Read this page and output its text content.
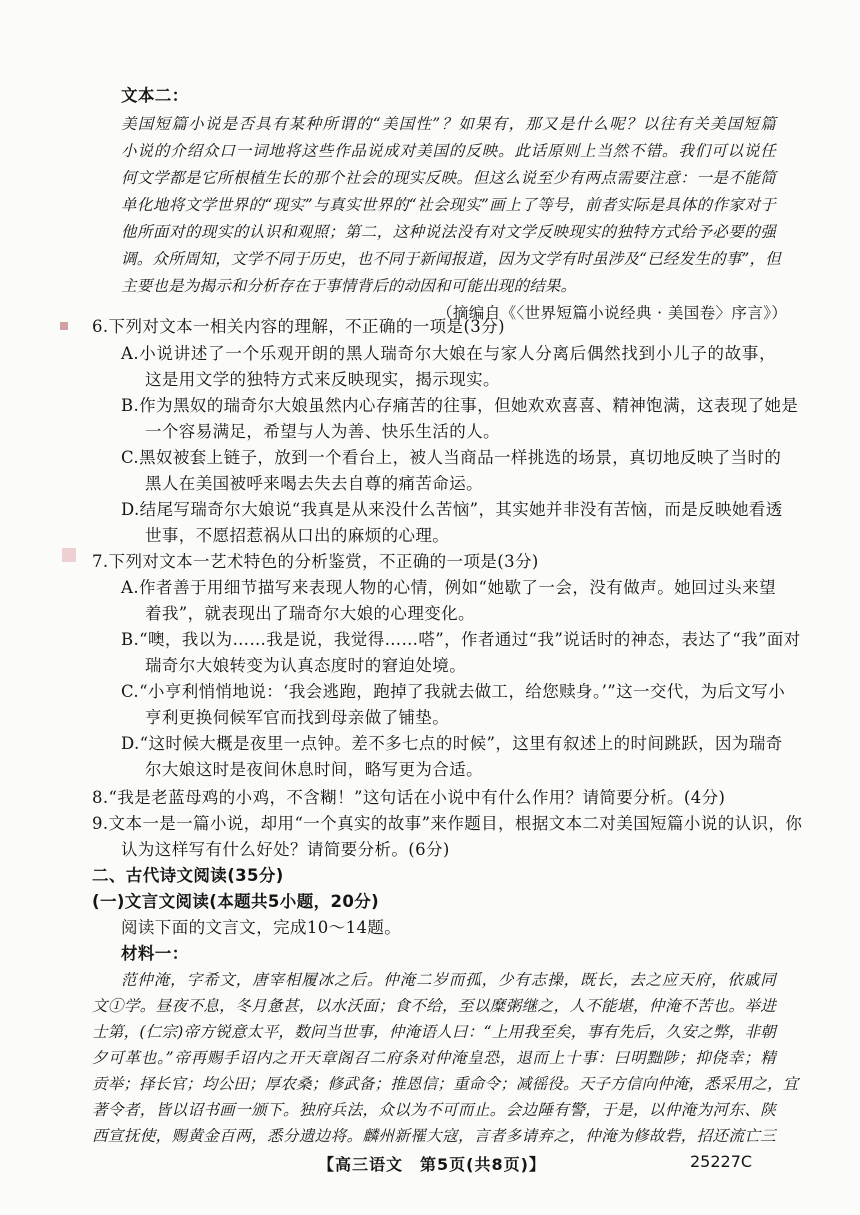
文本二：
美国短篇小说是否具有某种所谓的“美国性”？如果有，那又是什么呢？以往有关美国短篇
小说的介绍众口一词地将这些作品说成对美国的反映。此话原则上当然不错。我们可以说任
何文学都是它所根植生长的那个社会的现实反映。但这么说至少有两点需要注意：一是不能简
单化地将文学世界的“现实”与真实世界的“社会现实”画上了等号，前者实际是具体的作家对于
他所面对的现实的认识和观照；第二，这种说法没有对文学反映现实的独特方式给予必要的强
调。众所周知，文学不同于历史，也不同于新闻报道，因为文学有时虽涉及“已经发生的事”，但
主要也是为揭示和分析存在于事情背后的动因和可能出现的结果。
（摘编自《〈世界短篇小说经典 · 美国卷〉序言》）
6.下列对文本一相关内容的理解，不正确的一项是(3分)
A.小说讲述了一个乐观开朗的黑人瑞奇尔大娘在与家人分离后偶然找到小儿子的故事，
这是用文学的独特方式来反映现实，揭示现实。
B.作为黑奴的瑞奇尔大娘虽然内心存痛苦的往事，但她欢欢喜喜、精神饱满，这表现了她是
一个容易满足，希望与人为善、快乐生活的人。
C.黑奴被套上链子，放到一个看台上，被人当商品一样挑选的场景，真切地反映了当时的
黑人在美国被呼来喝去失去自尊的痛苦命运。
D.结尾写瑞奇尔大娘说“我真是从来没什么苦恼”，其实她并非没有苦恼，而是反映她看透
世事，不愿招惹祸从口出的麻烦的心理。
7.下列对文本一艺术特色的分析鉴赏，不正确的一项是(3分)
A.作者善于用细节描写来表现人物的心情，例如“她歇了一会，没有做声。她回过头来望
着我”，就表现出了瑞奇尔大娘的心理变化。
B.“噢，我以为……我是说，我觉得……嗒”，作者通过“我”说话时的神态，表达了“我”面对
瑞奇尔大娘转变为认真态度时的窘迫处境。
C.“小亨利悄悄地说：‘我会逃跑，跑掉了我就去做工，给您赎身。’”这一交代，为后文写小
亨利更换伺候军官而找到母亲做了铺垫。
D.“这时候大概是夜里一点钟。差不多七点的时候”，这里有叙述上的时间跳跃，因为瑞奇
尔大娘这时是夜间休息时间，略写更为合适。
8.“我是老蓝母鸡的小鸡，不含糊！”这句话在小说中有什么作用？请简要分析。(4分)
9.文本一是一篇小说，却用“一个真实的故事”来作题目，根据文本二对美国短篇小说的认识，你
认为这样写有什么好处？请简要分析。(6分)
二、古代诗文阅读(35分)
(一)文言文阅读(本题共5小题，20分)
阅读下面的文言文，完成10～14题。
材料一：
范仲淹，字希文，唐宰相履冰之后。仲淹二岁而孤，少有志操，既长，去之应天府，依戚同
文①学。昼夜不息，冬月惫甚，以水沃面；食不给，至以糜粥继之，人不能堪，仲淹不苦也。举进
士第，(仁宗)帝方锐意太平，数问当世事，仲淹语人曰：“上用我至矣，事有先后，久安之弊，非朝
夕可革也。”帝再赐手诏内之开天章阁召二府条对仲淹皇恐，退而上十事：曰明黜陟；抑侥幸；精
贡举；择长官；均公田；厚农桑；修武备；推恩信；重命令；减徭役。天子方信向仲淹，悉采用之，宜
著令者，皆以诏书画一颁下。独府兵法，众以为不可而止。会边陲有警，于是，以仲淹为河东、陕
西宣抚使，赐黄金百两，悉分遗边将。麟州新罹大寇，言者多请弃之，仲淹为修故砦，招还流亡三
【高三语文　第5页(共8页)】	25227C
